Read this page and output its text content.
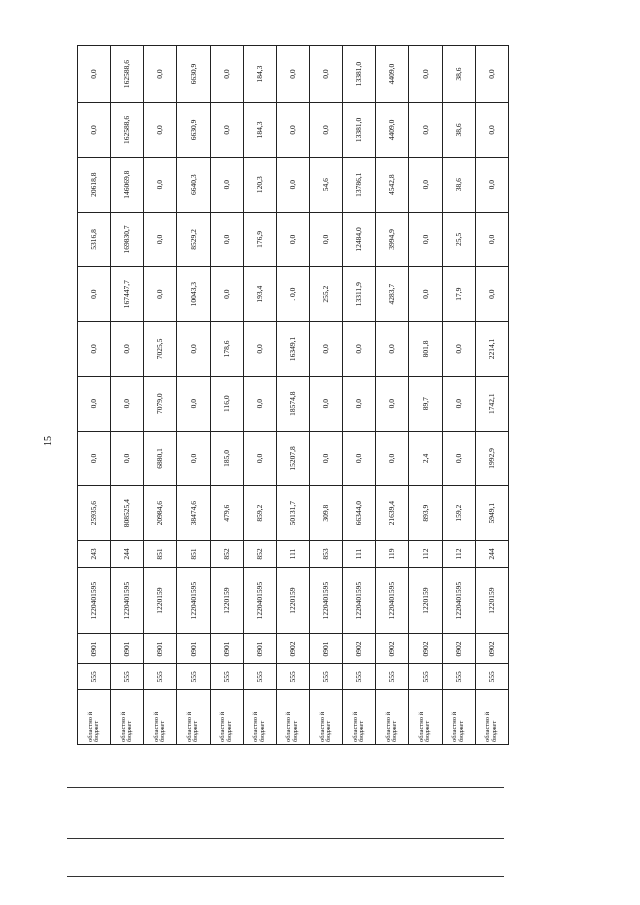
15
областно й бюджет	555	0901	1220401595	243	25935,6	0,0	0,0	0,0	0,0	5316,8	20618,8	0,0	0,0
областно й бюджет	555	0901	1220401595	244	808525,4	0,0	0,0	0,0	167447,7	169830,7	146069,8	162588,6	162588,6
областно й бюджет	555	0901	1220159	851	20984,6	6880,1	7079,0	7025,5	0,0	0,0	0,0	0,0	0,0
областно й бюджет	555	0901	1220401595	851	38474,6	0,0	0,0	0,0	10043,3	8529,2	6640,3	6630,9	6630,9
областно й бюджет	555	0901	1220159	852	479,6	185,0	116,0	178,6	0,0	0,0	0,0	0,0	0,0
областно й бюджет	555	0901	1220401595	852	859,2	0,0	0,0	0,0	193,4	176,9	120,3	184,3	184,3
областно й бюджет	555	0902	1220159	111	50131,7	15207,8	18574,8	16349,1	. 0,0	0,0	0,0	0,0	0,0
областно й бюджет	555	0901	1220401595	853	309,8	0,0	0,0	0,0	255,2	0,0	54,6	0,0	0,0
областно й бюджет	555	0902	1220401595	111	66344,0	0,0	0,0	0,0	13311,9	12484,0	13786,1	13381,0	13381,0
областно й бюджет	555	0902	1220401595	119	21639,4	0,0	0,0	0,0	4283,7	3994,9	4542,8	4409,0	4409,0
областно й бюджет	555	0902	1220159	112	893,9	2,4	89,7	801,8	0,0	0,0	0,0	0,0	0,0
областно й бюджет	555	0902	1220401595	112	159,2	0,0	0,0	0,0	17,9	25,5	38,6	38,6	38,6
областно й бюджет	555	0902	1220159	244	5949,1	1992,9	1742,1	2214,1	0,0	0,0	0,0	0,0	0,0
